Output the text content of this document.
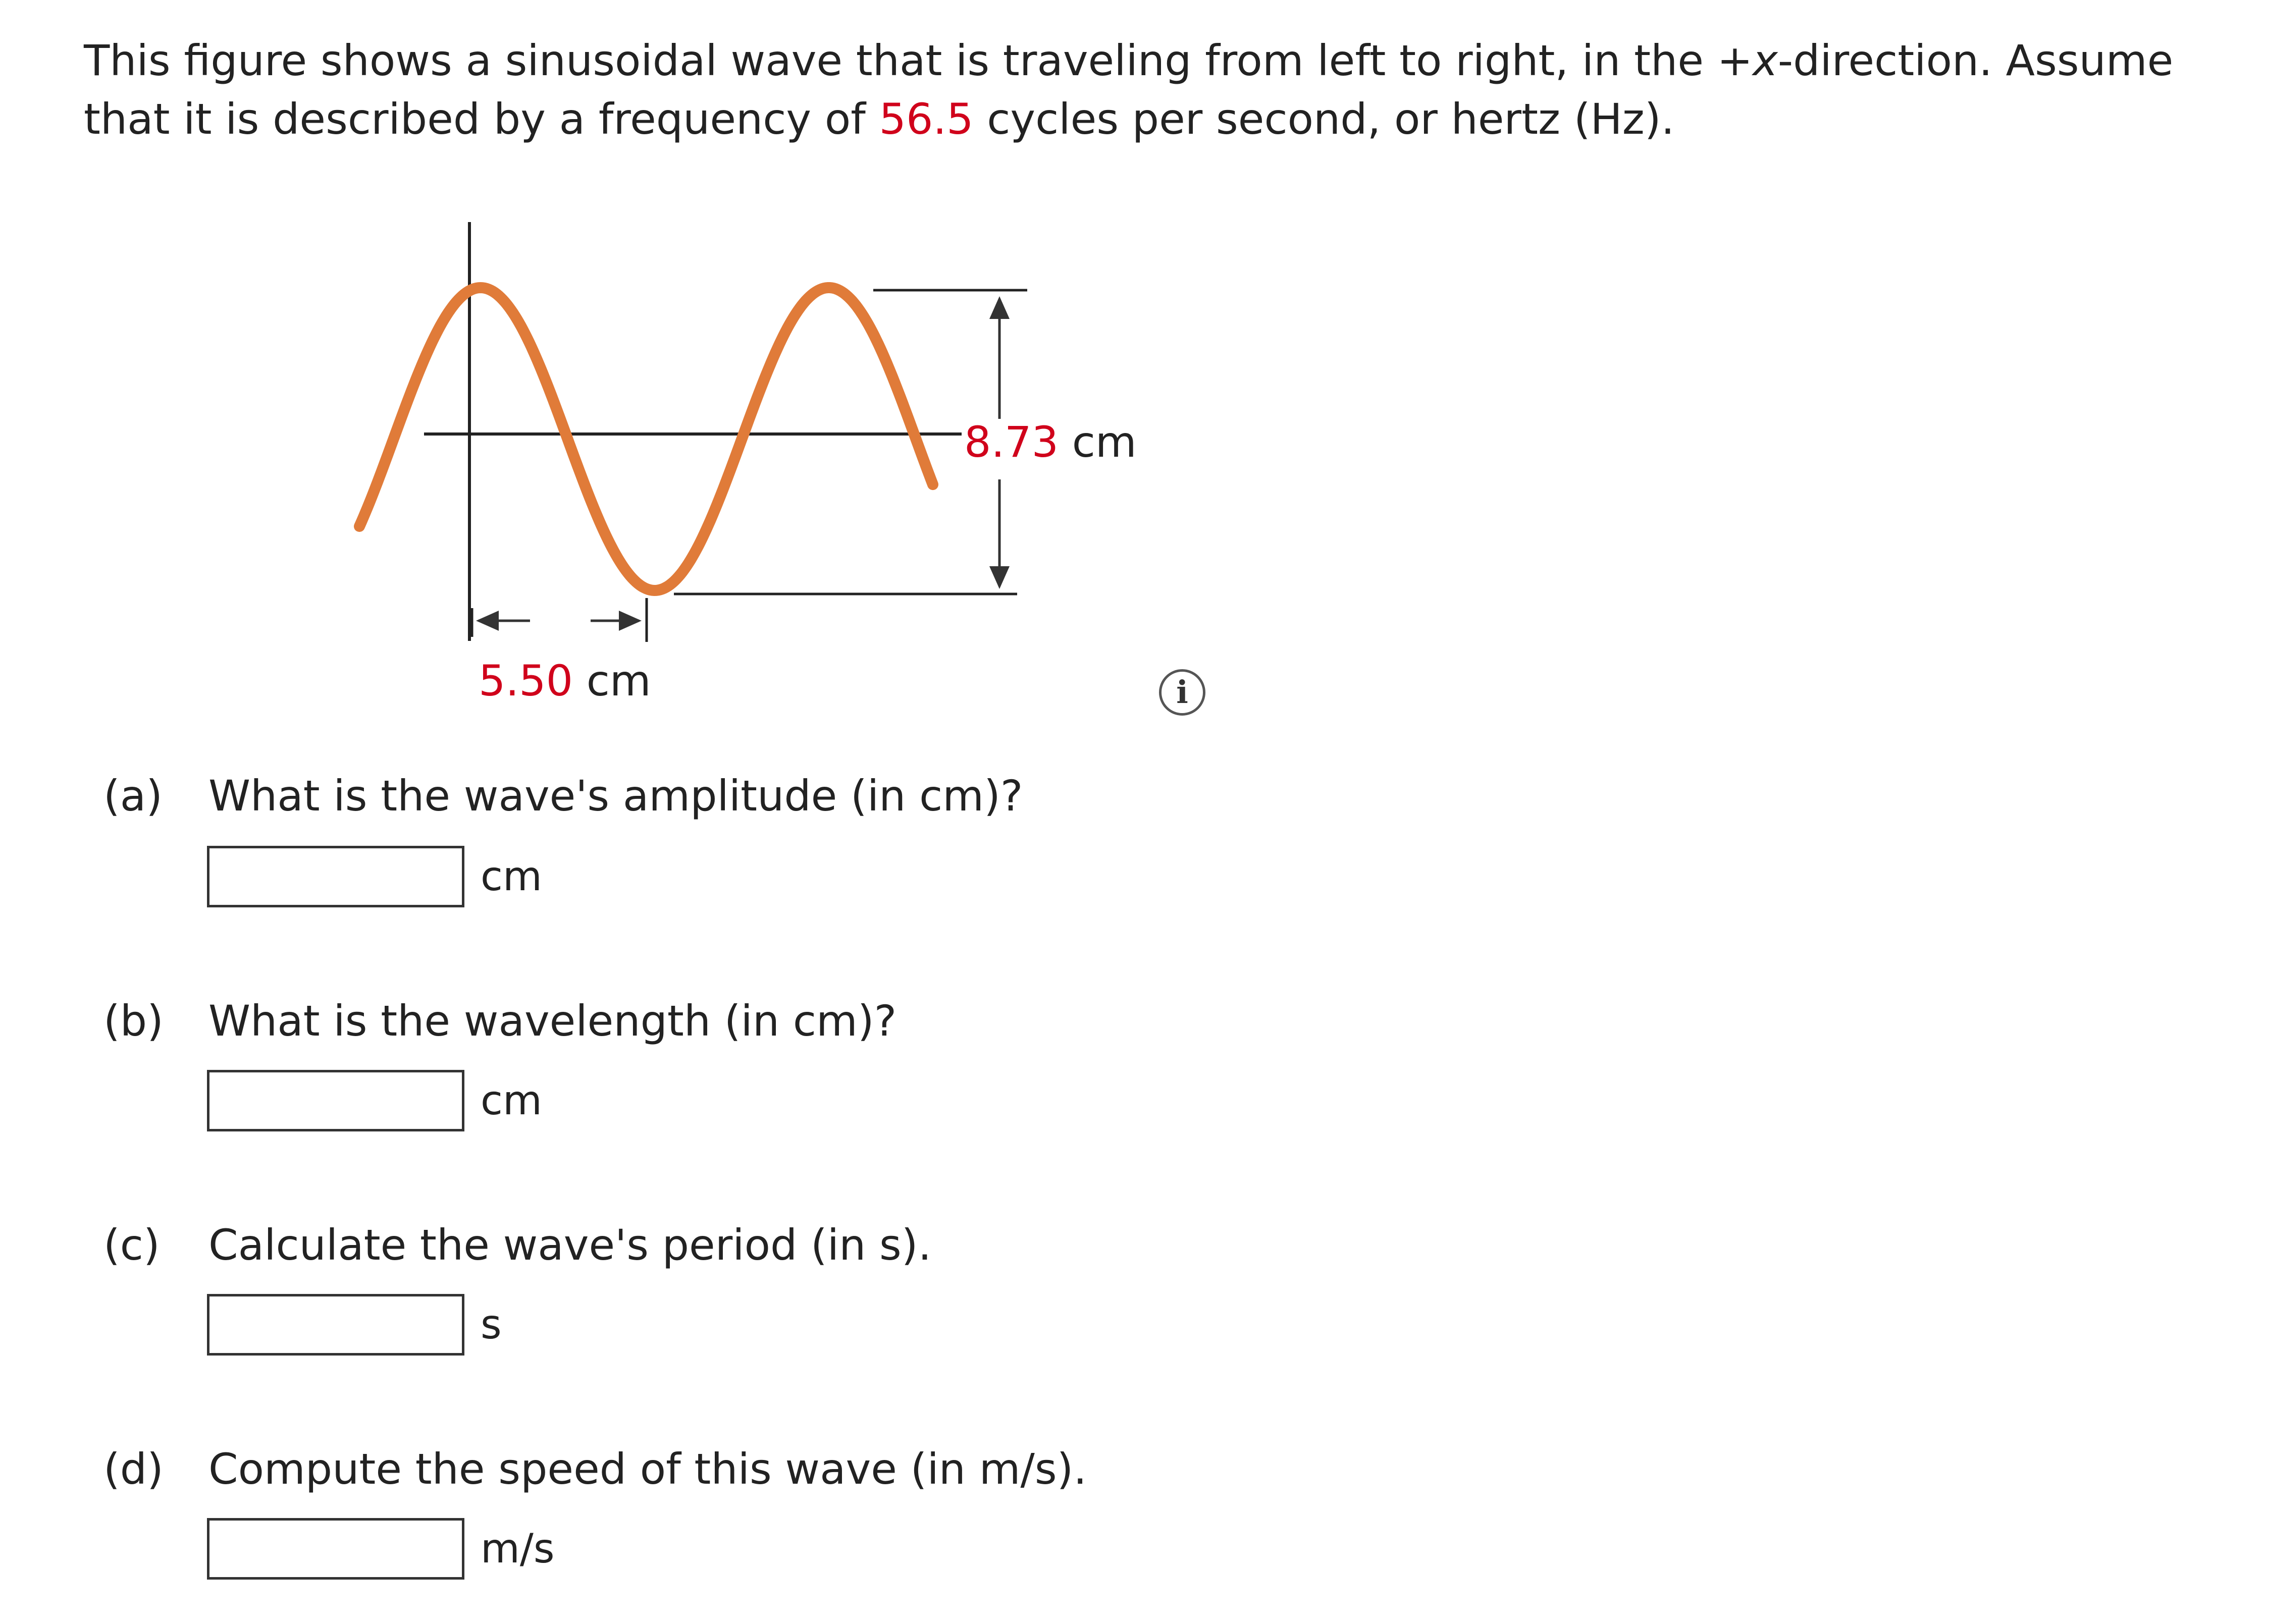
This figure shows a sinusoidal wave that is traveling from left to right, in the +x-direction. Assume that it is described by a frequency of 56.5 cycles per second, or hertz (Hz).

8.73 cm
5.50 cm	i
(a) What is the wave's amplitude (in cm)?
cm
(b) What is the wavelength (in cm)?
cm
(c) Calculate the wave's period (in s).
s
(d) Compute the speed of this wave (in m/s).
m/s
